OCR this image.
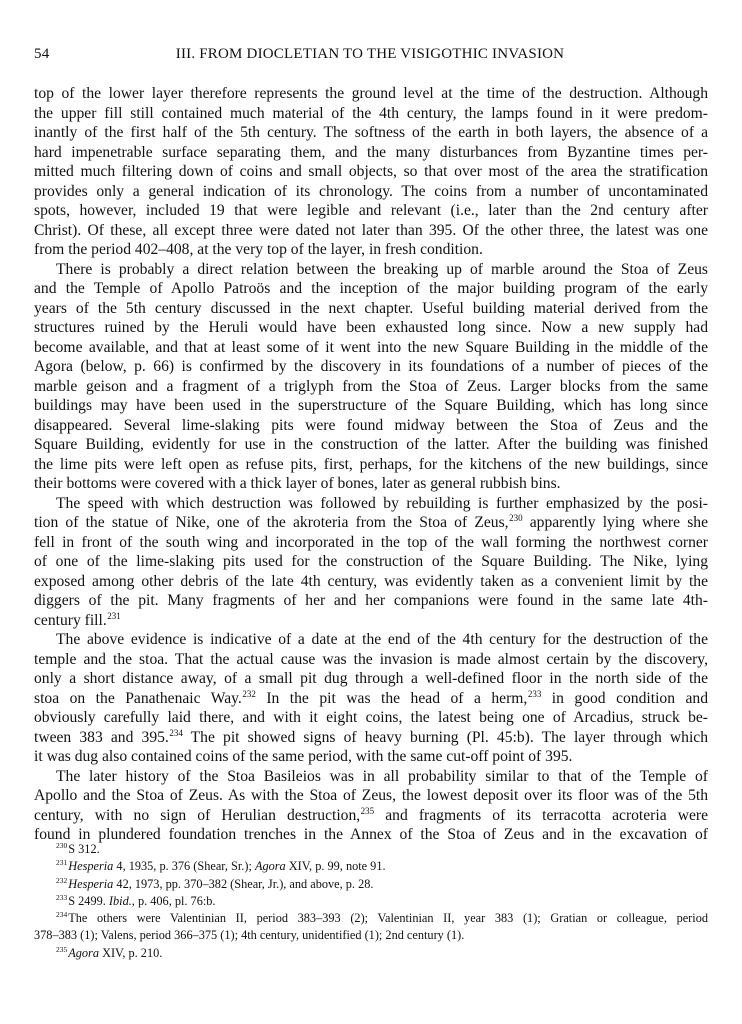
54	III. FROM DIOCLETIAN TO THE VISIGOTHIC INVASION
top of the lower layer therefore represents the ground level at the time of the destruction. Although
the upper fill still contained much material of the 4th century, the lamps found in it were predom-
inantly of the first half of the 5th century. The softness of the earth in both layers, the absence of a
hard impenetrable surface separating them, and the many disturbances from Byzantine times per-
mitted much filtering down of coins and small objects, so that over most of the area the stratification
provides only a general indication of its chronology. The coins from a number of uncontaminated
spots, however, included 19 that were legible and relevant (i.e., later than the 2nd century after
Christ). Of these, all except three were dated not later than 395. Of the other three, the latest was one
from the period 402–408, at the very top of the layer, in fresh condition.
There is probably a direct relation between the breaking up of marble around the Stoa of Zeus
and the Temple of Apollo Patroös and the inception of the major building program of the early
years of the 5th century discussed in the next chapter. Useful building material derived from the
structures ruined by the Heruli would have been exhausted long since. Now a new supply had
become available, and that at least some of it went into the new Square Building in the middle of the
Agora (below, p. 66) is confirmed by the discovery in its foundations of a number of pieces of the
marble geison and a fragment of a triglyph from the Stoa of Zeus. Larger blocks from the same
buildings may have been used in the superstructure of the Square Building, which has long since
disappeared. Several lime-slaking pits were found midway between the Stoa of Zeus and the
Square Building, evidently for use in the construction of the latter. After the building was finished
the lime pits were left open as refuse pits, first, perhaps, for the kitchens of the new buildings, since
their bottoms were covered with a thick layer of bones, later as general rubbish bins.
The speed with which destruction was followed by rebuilding is further emphasized by the posi-
tion of the statue of Nike, one of the akroteria from the Stoa of Zeus,$^{230}$ apparently lying where she
fell in front of the south wing and incorporated in the top of the wall forming the northwest corner
of one of the lime-slaking pits used for the construction of the Square Building. The Nike, lying
exposed among other debris of the late 4th century, was evidently taken as a convenient limit by the
diggers of the pit. Many fragments of her and her companions were found in the same late 4th-
century fill.$^{231}$
The above evidence is indicative of a date at the end of the 4th century for the destruction of the
temple and the stoa. That the actual cause was the invasion is made almost certain by the discovery,
only a short distance away, of a small pit dug through a well-defined floor in the north side of the
stoa on the Panathenaic Way.$^{232}$ In the pit was the head of a herm,$^{233}$ in good condition and
obviously carefully laid there, and with it eight coins, the latest being one of Arcadius, struck be-
tween 383 and 395.$^{234}$ The pit showed signs of heavy burning (Pl. 45:b). The layer through which
it was dug also contained coins of the same period, with the same cut-off point of 395.
The later history of the Stoa Basileios was in all probability similar to that of the Temple of
Apollo and the Stoa of Zeus. As with the Stoa of Zeus, the lowest deposit over its floor was of the 5th
century, with no sign of Herulian destruction,$^{235}$ and fragments of its terracotta acroteria were
found in plundered foundation trenches in the Annex of the Stoa of Zeus and in the excavation of
$^{230}$S 312.
$^{231}$Hesperia 4, 1935, p. 376 (Shear, Sr.); Agora XIV, p. 99, note 91.
$^{232}$Hesperia 42, 1973, pp. 370–382 (Shear, Jr.), and above, p. 28.
$^{233}$S 2499. Ibid., p. 406, pl. 76:b.
$^{234}$The others were Valentinian II, period 383–393 (2); Valentinian II, year 383 (1); Gratian or colleague, period
378–383 (1); Valens, period 366–375 (1); 4th century, unidentified (1); 2nd century (1).
$^{235}$Agora XIV, p. 210.
